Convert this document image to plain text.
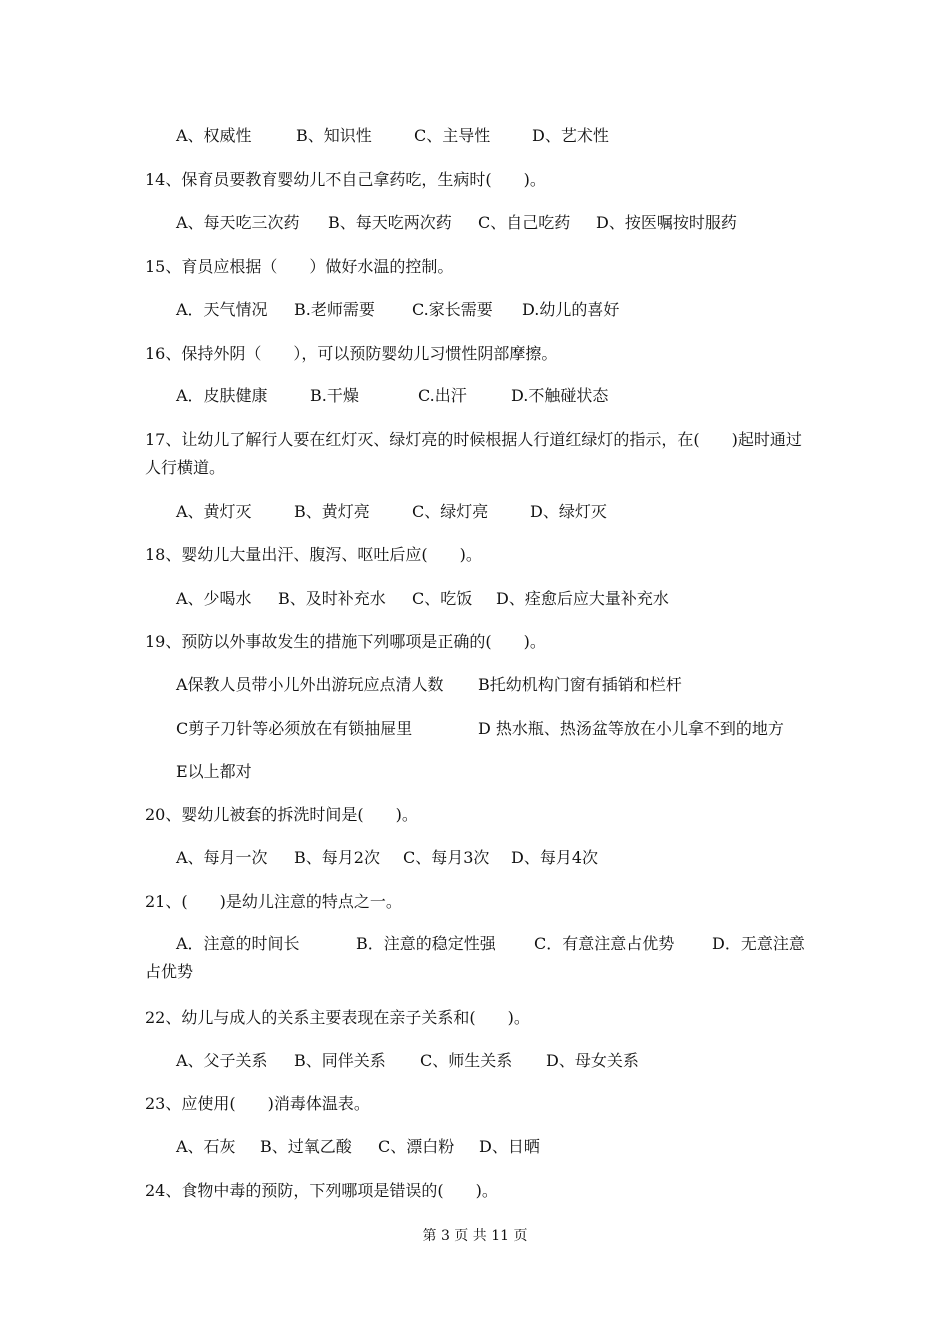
A、权威性	B、知识性	C、主导性	D、艺术性
14、保育员要教育婴幼儿不自己拿药吃，生病时(　　)。
A、每天吃三次药 B、每天吃两次药 C、自己吃药 D、按医嘱按时服药
15、育员应根据（　　）做好水温的控制。
A．天气情况 B.老师需要 C.家长需要 D.幼儿的喜好
16、保持外阴（　　），可以预防婴幼儿习惯性阴部摩擦。
A．皮肤健康	B.干燥	C.出汗	D.不触碰状态
17、让幼儿了解行人要在红灯灭、绿灯亮的时候根据人行道红绿灯的指示，在(　　)起时通过人行横道。
A、黄灯灭	B、黄灯亮	C、绿灯亮	D、绿灯灭
18、婴幼儿大量出汗、腹泻、呕吐后应(　　)。
A、少喝水 B、及时补充水 C、吃饭 D、痊愈后应大量补充水
19、预防以外事故发生的措施下列哪项是正确的(　　)。
A保教人员带小儿外出游玩应点清人数 B托幼机构门窗有插销和栏杆
C剪子刀针等必须放在有锁抽屉里	D 热水瓶、热汤盆等放在小儿拿不到的地方
E以上都对
20、婴幼儿被套的拆洗时间是(　　)。
A、每月一次 B、每月2次 C、每月3次 D、每月4次
21、(　　)是幼儿注意的特点之一。
A．注意的时间长	B．注意的稳定性强 C．有意注意占优势 D．无意注意占优势
22、幼儿与成人的关系主要表现在亲子关系和(　　)。
A、父子关系 B、同伴关系 C、师生关系 D、母女关系
23、应使用(　　)消毒体温表。
A、石灰 B、过氧乙酸 C、漂白粉 D、日晒
24、食物中毒的预防，下列哪项是错误的(　　)。
第 3 页 共 11 页
